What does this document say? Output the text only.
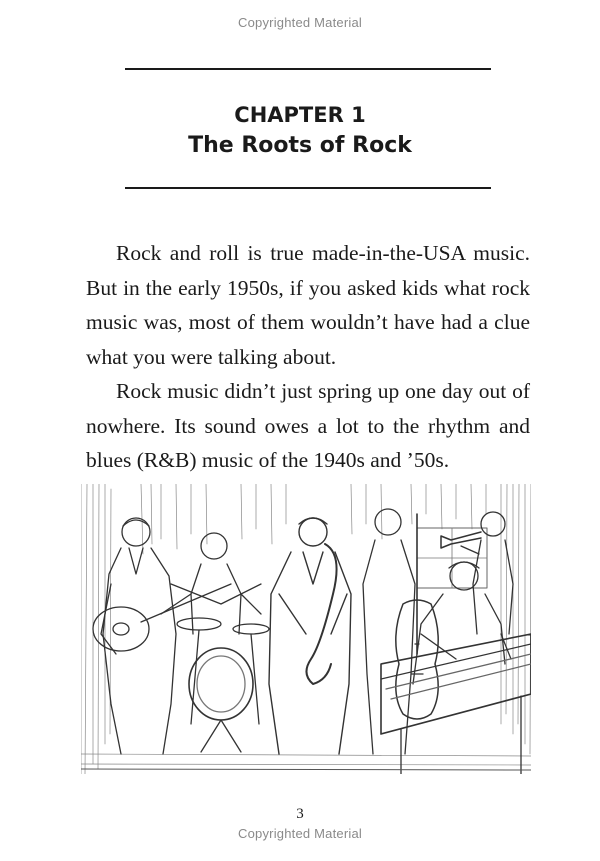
Copyrighted Material
CHAPTER 1
The Roots of Rock

Rock and roll is true made-in-the-USA music. But in the early 1950s, if you asked kids what rock music was, most of them wouldn’t have had a clue what you were talking about.

Rock music didn’t just spring up one day out of nowhere. Its sound owes a lot to the rhythm and blues (R&B) music of the 1940s and ’50s.

3
Copyrighted Material
